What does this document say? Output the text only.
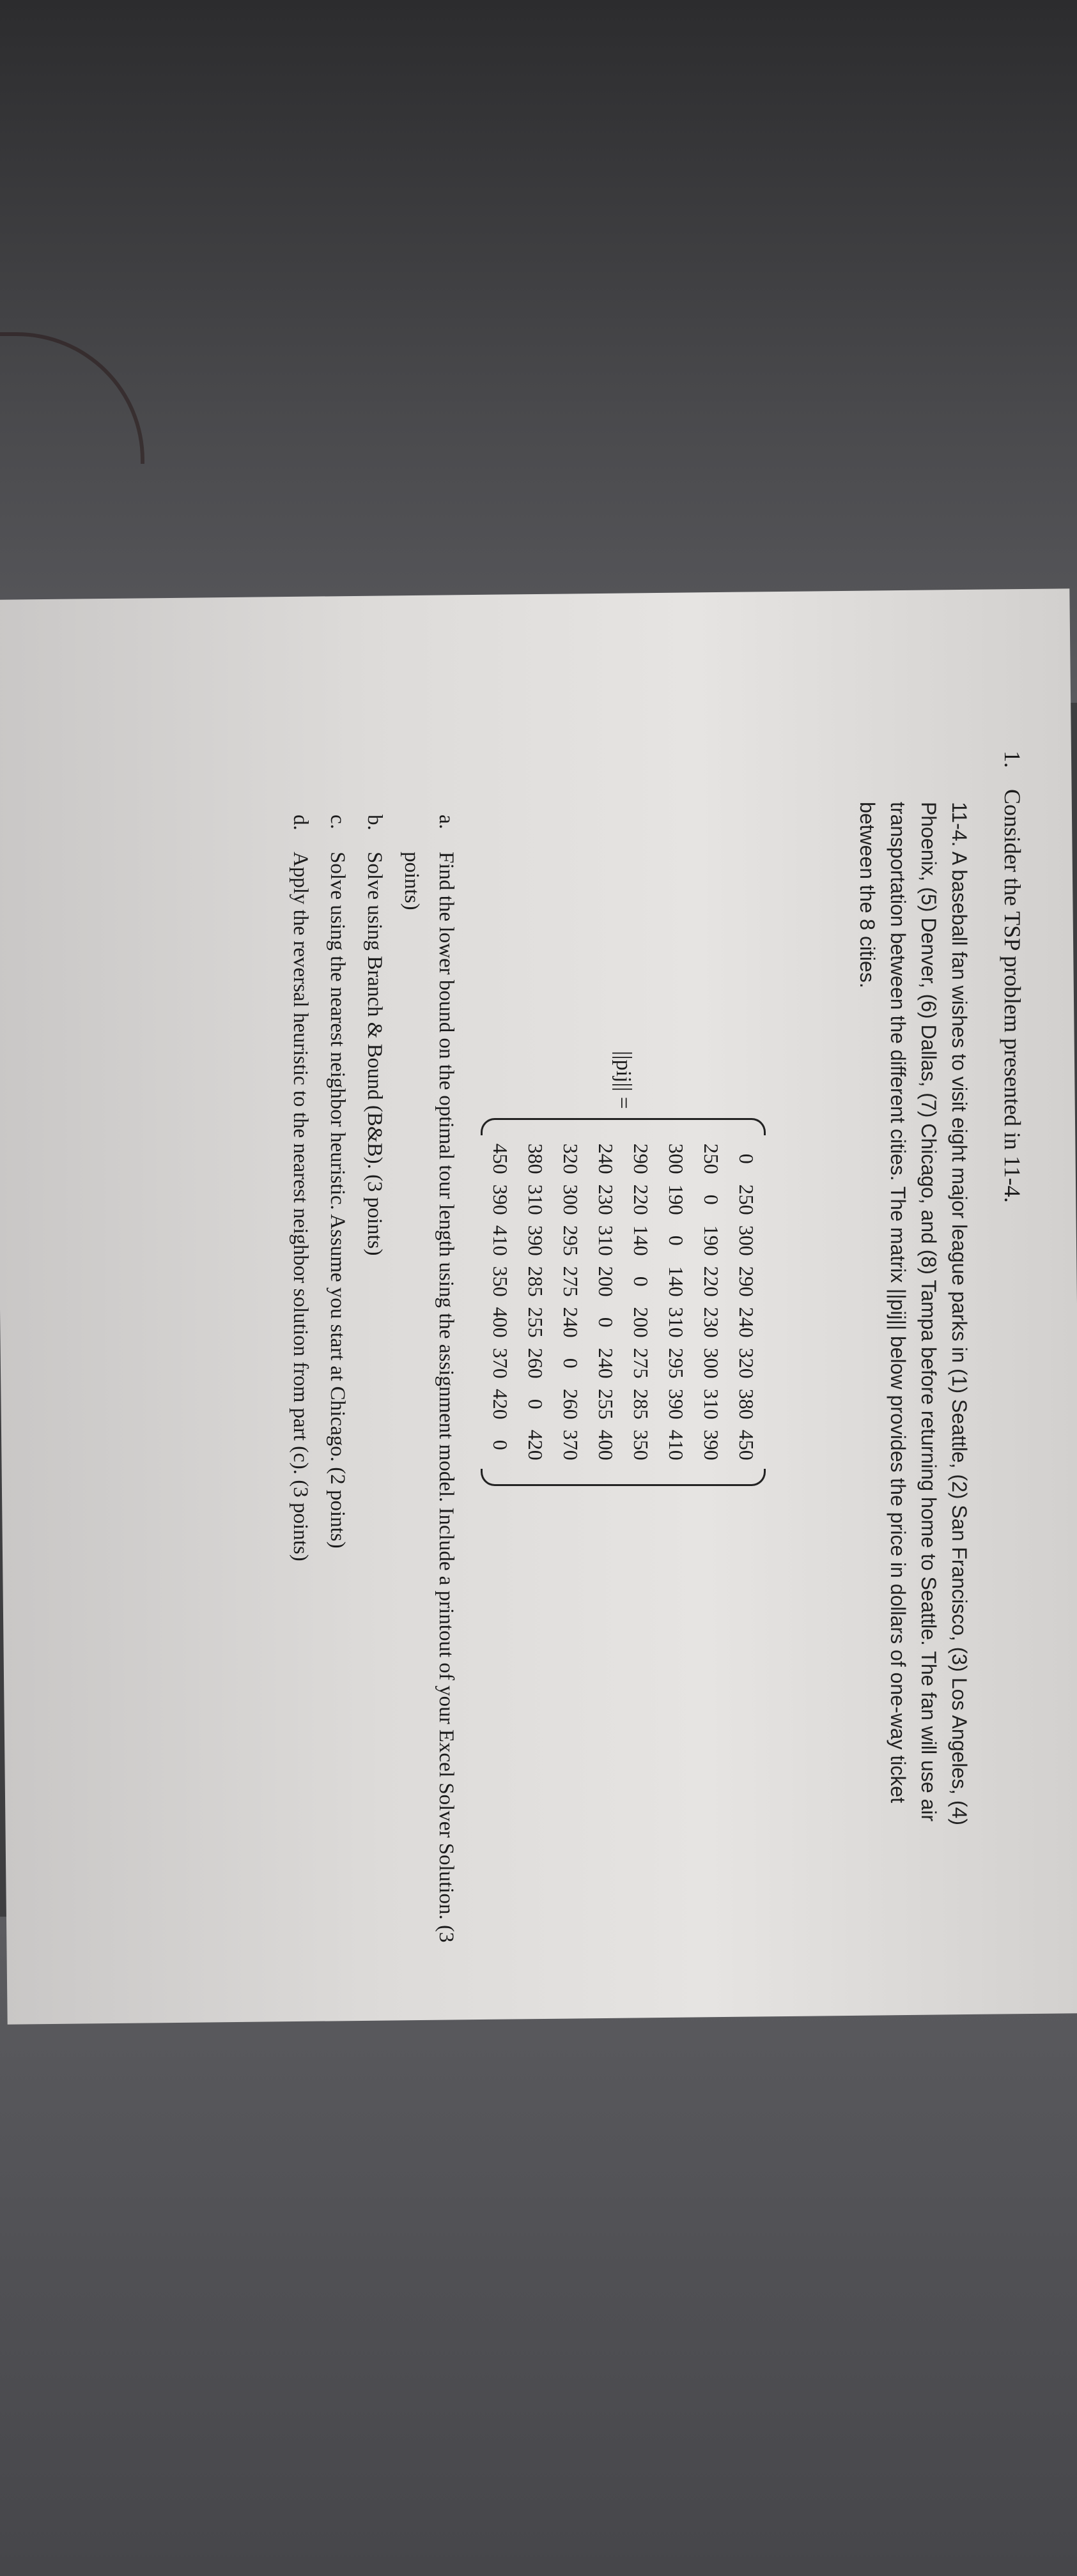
1.Consider the TSP problem presented in 11-4.
11-4. A baseball fan wishes to visit eight major league parks in (1) Seattle, (2) San Francisco, (3) Los Angeles, (4) Phoenix, (5) Denver, (6) Dallas, (7) Chicago, and (8) Tampa before returning home to Seattle. The fan will use air transportation between the different cities. The matrix ||pij|| below provides the price in dollars of one-way ticket between the 8 cities.
||pij|| =
0
250
300
290
240
320
380
450
250
0
190
220
230
300
310
390
300
190
0
140
310
295
390
410
290
220
140
0
200
275
285
350
240
230
310
200
0
240
255
400
320
300
295
275
240
0
260
370
380
310
390
285
255
260
0
420
450
390
410
350
400
370
420
0
a.
Find the lower bound on the optimal tour length using the assignment model. Include a printout of your Excel Solver Solution. (3 points)
b.
Solve using Branch & Bound (B&B). (3 points)
c.
Solve using the nearest neighbor heuristic. Assume you start at Chicago. (2 points)
d.
Apply the reversal heuristic to the nearest neighbor solution from part (c). (3 points)
